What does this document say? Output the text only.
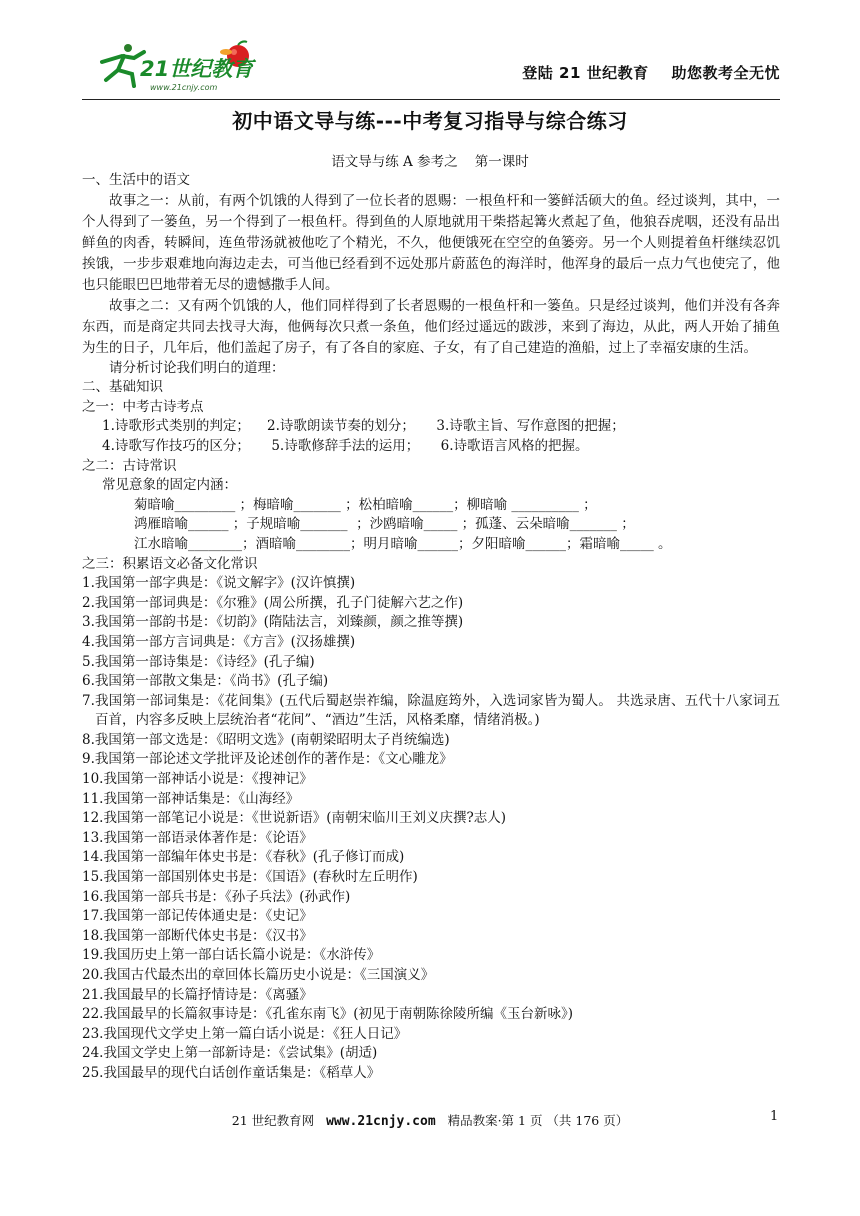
21世纪教育
www.21cnjy.com
登陆 21 世纪教育    助您教考全无忧
初中语文导与练---中考复习指导与综合练习
语文导与练 A 参考之    第一课时
一、生活中的语文

故事之一：从前，有两个饥饿的人得到了一位长者的恩赐：一根鱼杆和一篓鲜活硕大的鱼。经过谈判，其中，一个人得到了一篓鱼，另一个得到了一根鱼杆。得到鱼的人原地就用干柴搭起篝火煮起了鱼，他狼吞虎咽，还没有品出鲜鱼的肉香，转瞬间，连鱼带汤就被他吃了个精光，不久，他便饿死在空空的鱼篓旁。另一个人则提着鱼杆继续忍饥挨饿，一步步艰难地向海边走去，可当他已经看到不远处那片蔚蓝色的海洋时，他浑身的最后一点力气也使完了，他也只能眼巴巴地带着无尽的遗憾撒手人间。

故事之二：又有两个饥饿的人，他们同样得到了长者恩赐的一根鱼杆和一篓鱼。只是经过谈判，他们并没有各奔东西，而是商定共同去找寻大海，他俩每次只煮一条鱼，他们经过遥远的跋涉，来到了海边，从此，两人开始了捕鱼为生的日子，几年后，他们盖起了房子，有了各自的家庭、子女，有了自己建造的渔船，过上了幸福安康的生活。

请分析讨论我们明白的道理：
二、基础知识
之一：中考古诗考点
1.诗歌形式类别的判定；    2.诗歌朗读节奏的划分；     3.诗歌主旨、写作意图的把握；
4.诗歌写作技巧的区分；     5.诗歌修辞手法的运用；     6.诗歌语言风格的把握。
之二：古诗常识
常见意象的固定内涵：
菊暗喻_________ ；梅暗喻_______ ；松柏暗喻______；柳暗喻 __________ ；
鸿雁暗喻______ ；子规暗喻_______  ；沙鸥暗喻_____ ；孤蓬、云朵暗喻_______ ；
江水暗喻________；酒暗喻________；明月暗喻______；夕阳暗喻______；霜暗喻_____ 。
之三：积累语文必备文化常识
1.我国第一部字典是：《说文解字》(汉许慎撰)
2.我国第一部词典是：《尔雅》(周公所撰，孔子门徒解六艺之作)
3.我国第一部韵书是：《切韵》(隋陆法言，刘臻颜，颜之推等撰)
4.我国第一部方言词典是：《方言》(汉扬雄撰)
5.我国第一部诗集是：《诗经》(孔子编)
6.我国第一部散文集是：《尚书》(孔子编)

7.我国第一部词集是：《花间集》(五代后蜀赵崇祚编，除温庭筠外，入选词家皆为蜀人。 共选录唐、五代十八家词五百首，内容多反映上层统治者“花间”、“酒边”生活，风格柔靡，情绪消极。)

8.我国第一部文选是：《昭明文选》(南朝梁昭明太子肖统编选)
9.我国第一部论述文学批评及论述创作的著作是：《文心雕龙》
10.我国第一部神话小说是：《搜神记》
11.我国第一部神话集是：《山海经》
12.我国第一部笔记小说是：《世说新语》(南朝宋临川王刘义庆撰?志人)
13.我国第一部语录体著作是：《论语》
14.我国第一部编年体史书是：《春秋》(孔子修订而成)
15.我国第一部国别体史书是：《国语》(春秋时左丘明作)
16.我国第一部兵书是：《孙子兵法》(孙武作)
17.我国第一部记传体通史是：《史记》
18.我国第一部断代体史书是：《汉书》
19.我国历史上第一部白话长篇小说是：《水浒传》
20.我国古代最杰出的章回体长篇历史小说是：《三国演义》
21.我国最早的长篇抒情诗是：《离骚》
22.我国最早的长篇叙事诗是：《孔雀东南飞》(初见于南朝陈徐陵所编《玉台新咏》)
23.我国现代文学史上第一篇白话小说是：《狂人日记》
24.我国文学史上第一部新诗是：《尝试集》(胡适)
25.我国最早的现代白话创作童话集是：《稻草人》
21 世纪教育网   www.21cnjy.com   精品教案·第 1 页 （共 176 页）	1
